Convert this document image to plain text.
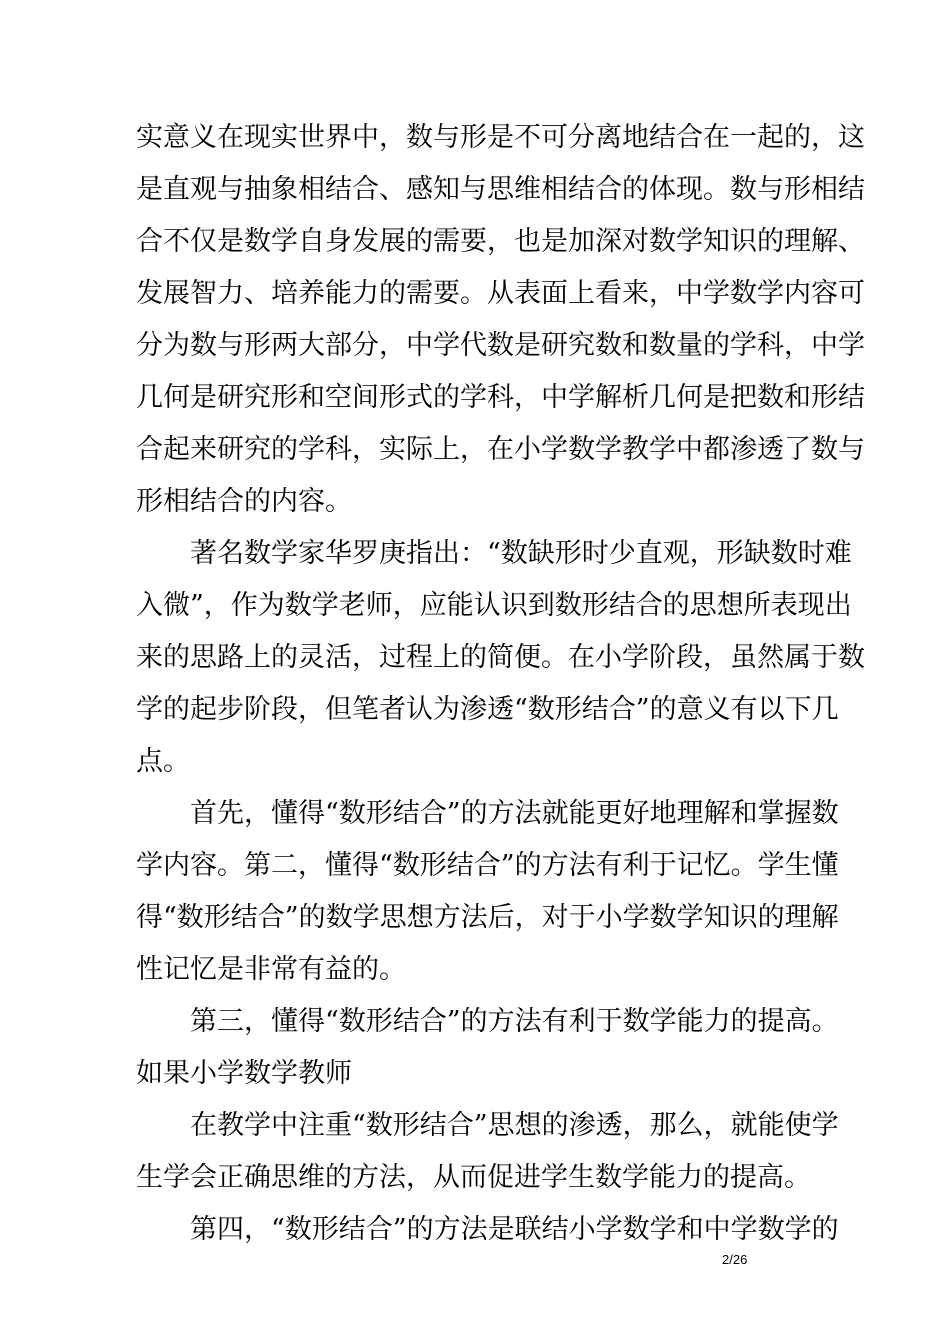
实意义在现实世界中，数与形是不可分离地结合在一起的，这
是直观与抽象相结合、感知与思维相结合的体现。数与形相结
合不仅是数学自身发展的需要，也是加深对数学知识的理解、
发展智力、培养能力的需要。从表面上看来，中学数学内容可
分为数与形两大部分，中学代数是研究数和数量的学科，中学
几何是研究形和空间形式的学科，中学解析几何是把数和形结
合起来研究的学科，实际上，在小学数学教学中都渗透了数与
形相结合的内容。
著名数学家华罗庚指出：“数缺形时少直观，形缺数时难
入微”，作为数学老师，应能认识到数形结合的思想所表现出
来的思路上的灵活，过程上的简便。在小学阶段，虽然属于数
学的起步阶段，但笔者认为渗透“数形结合”的意义有以下几
点。
首先，懂得“数形结合”的方法就能更好地理解和掌握数
学内容。第二，懂得“数形结合”的方法有利于记忆。学生懂
得“数形结合”的数学思想方法后，对于小学数学知识的理解
性记忆是非常有益的。
第三，懂得“数形结合”的方法有利于数学能力的提高。
如果小学数学教师
在教学中注重“数形结合”思想的渗透，那么，就能使学
生学会正确思维的方法，从而促进学生数学能力的提高。
第四，“数形结合”的方法是联结小学数学和中学数学的
2/26
